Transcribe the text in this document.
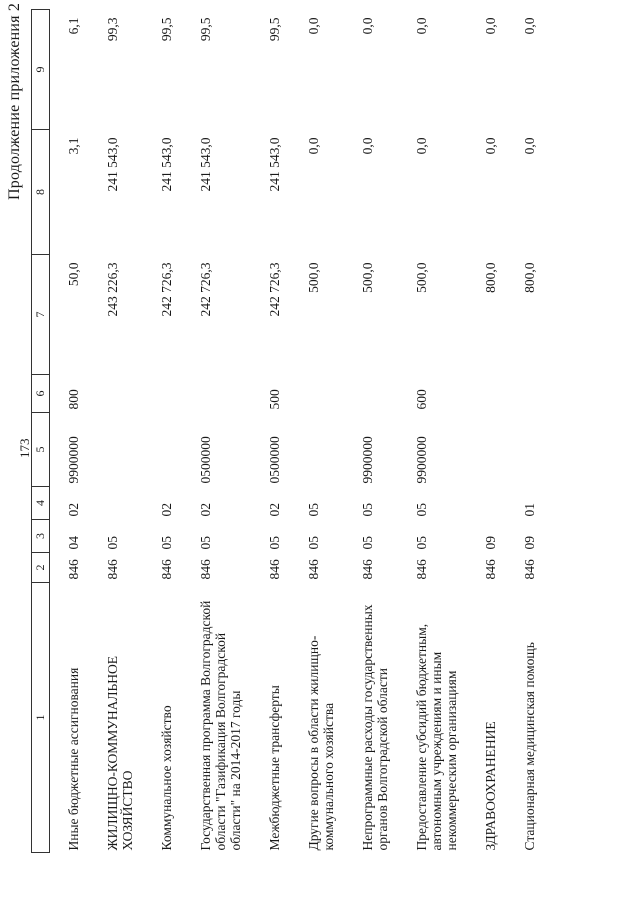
Продолжение приложения 2
173
1	2	3	4	5	6	7	8	9
Иные бюджетные ассигнования	846	04	02	9900000	800	50,0	3,1	6,1
ЖИЛИЩНО-КОММУНАЛЬНОЕ ХОЗЯЙСТВО	846	05				243 226,3	241 543,0	99,3
Коммунальное хозяйство	846	05	02			242 726,3	241 543,0	99,5
Государственная программа Волгоградской области "Газификация Волгоградской области" на 2014-2017 годы	846	05	02	0500000		242 726,3	241 543,0	99,5
Межбюджетные трансферты	846	05	02	0500000	500	242 726,3	241 543,0	99,5
Другие вопросы в области жилищно-коммунального хозяйства	846	05	05			500,0	0,0	0,0
Непрограммные расходы государственных органов Волгоградской области	846	05	05	9900000		500,0	0,0	0,0
Предоставление субсидий бюджетным, автономным учреждениям и иным некоммерческим организациям	846	05	05	9900000	600	500,0	0,0	0,0
ЗДРАВООХРАНЕНИЕ	846	09				800,0	0,0	0,0
Стационарная медицинская помощь	846	09	01			800,0	0,0	0,0
